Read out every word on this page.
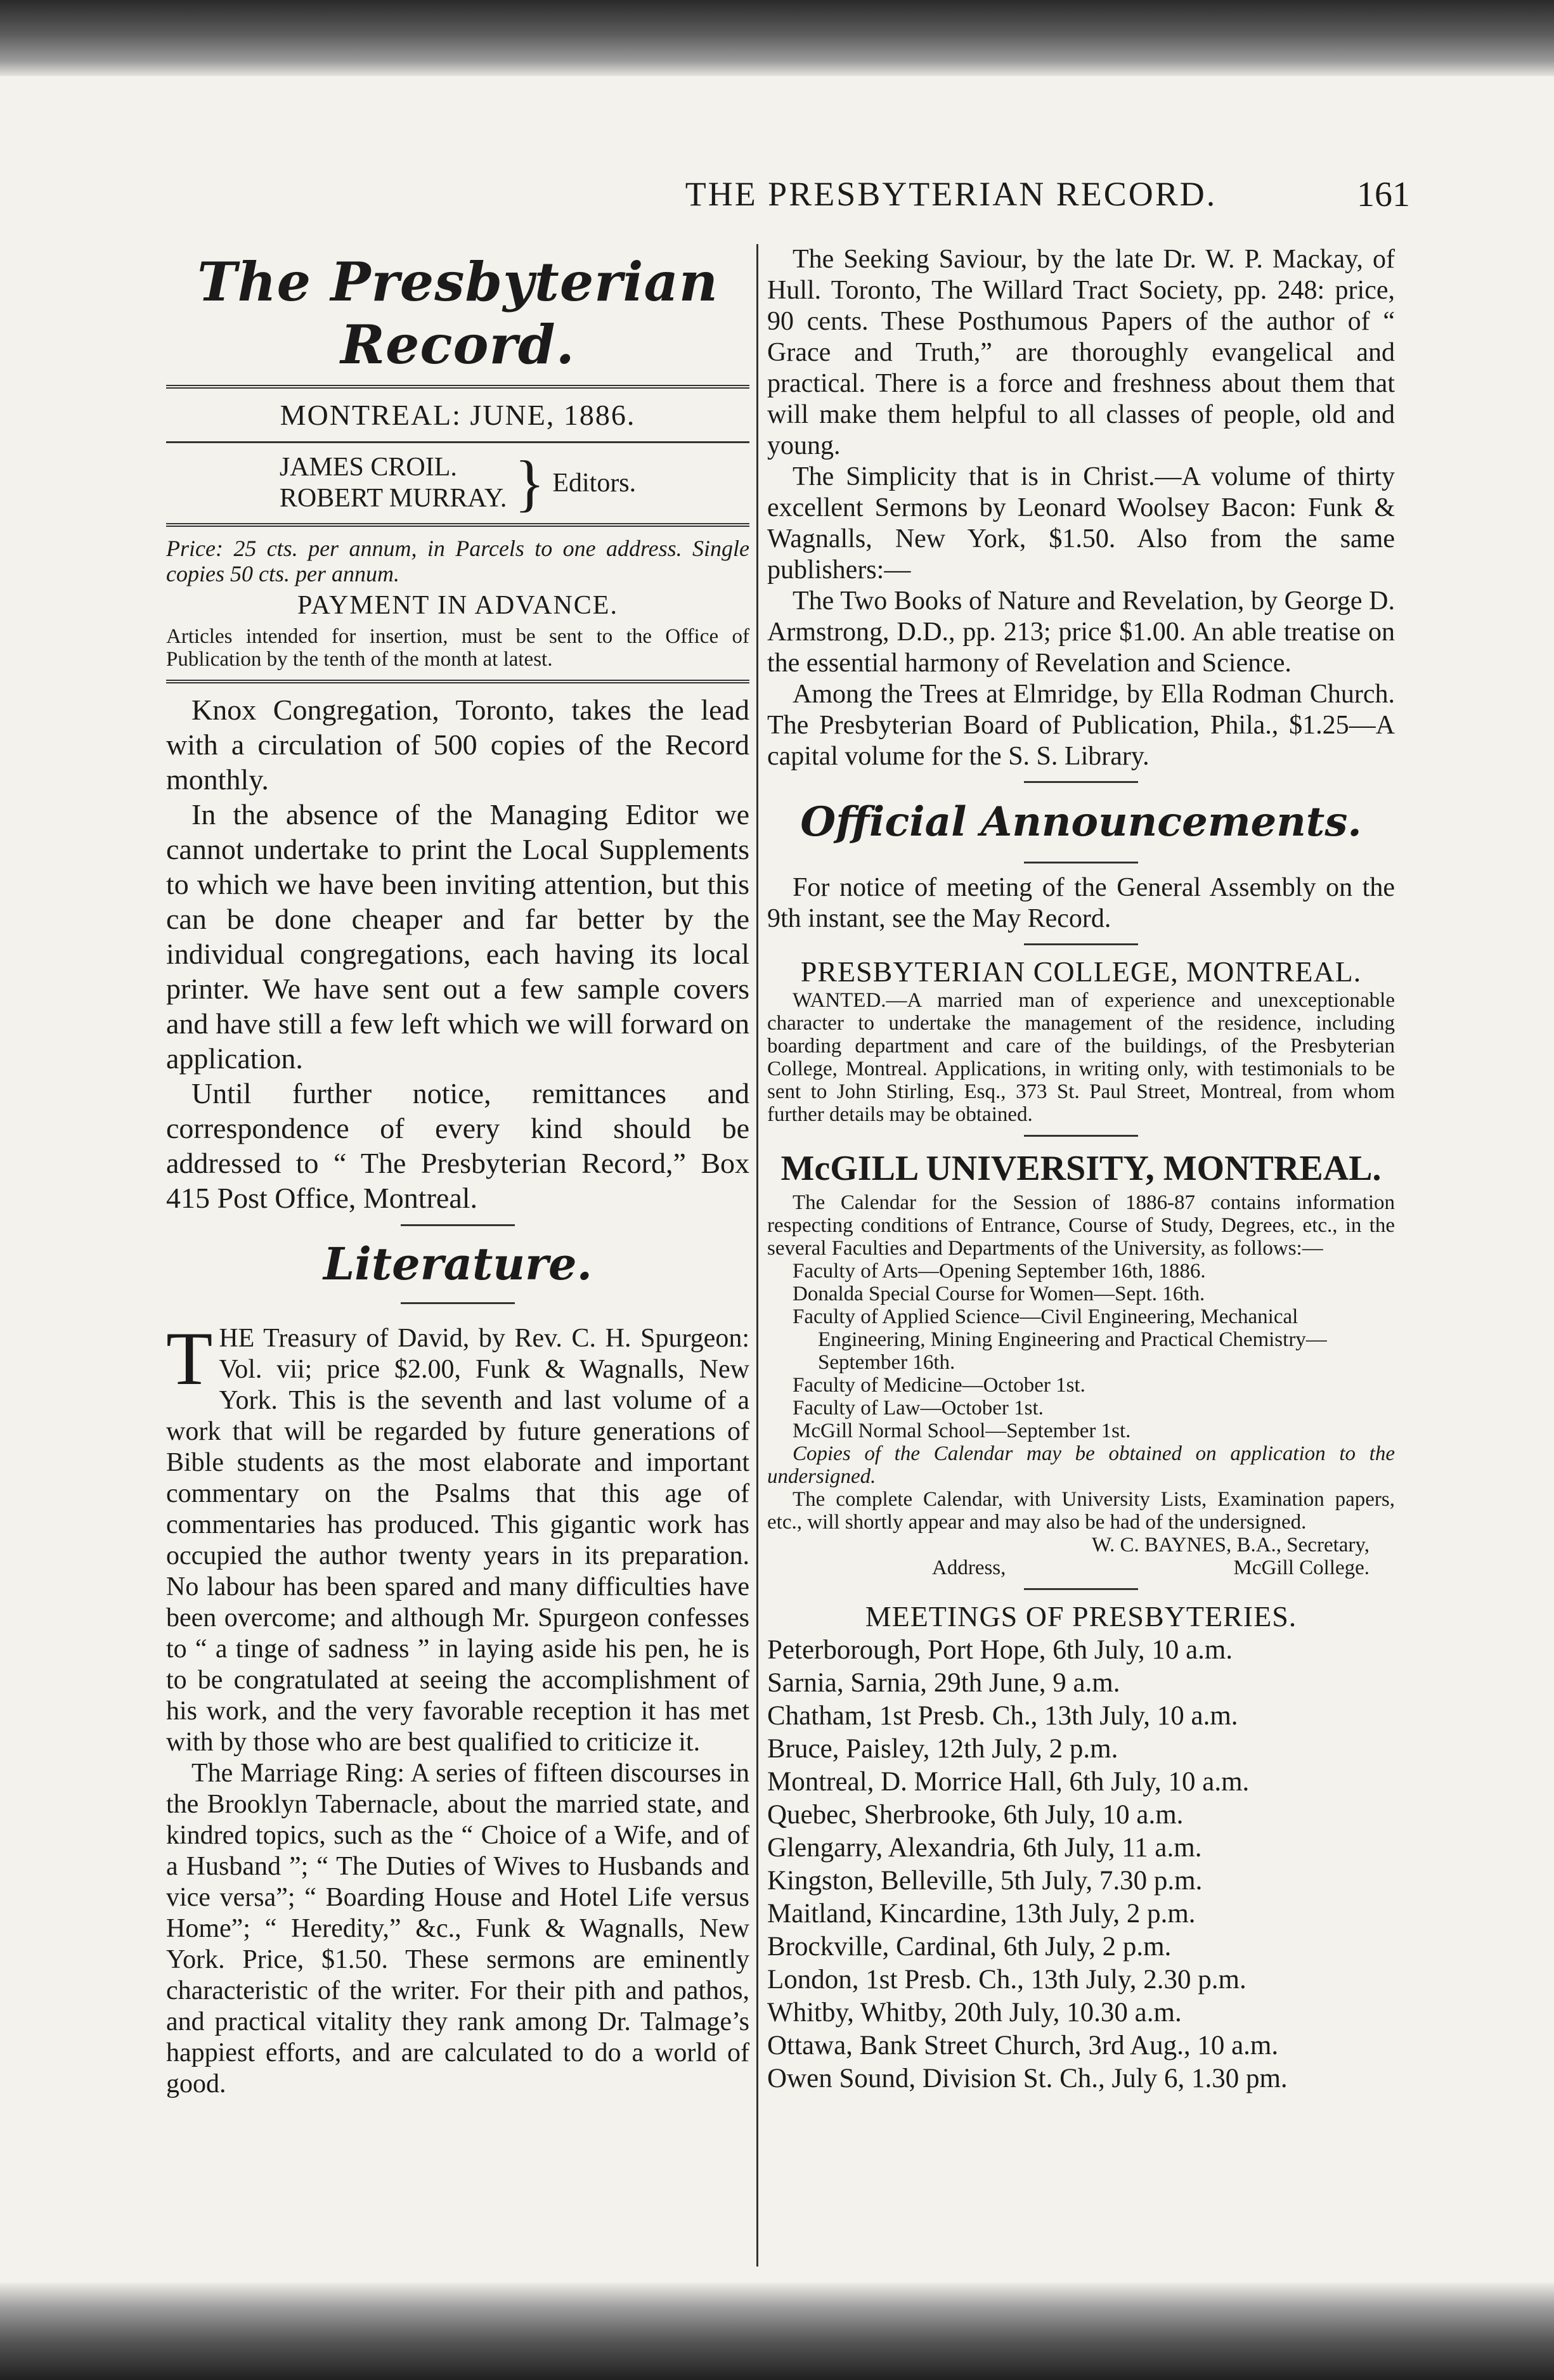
THE PRESBYTERIAN RECORD.	161
The Presbyterian Record.

MONTREAL: JUNE, 1886.

JAMES CROIL.

ROBERT MURRAY. } Editors.

Price: 25 cts. per annum, in Parcels to one address. Single copies 50 cts. per annum.

PAYMENT IN ADVANCE.

Articles intended for insertion, must be sent to the Office of Publication by the tenth of the month at latest.

Knox Congregation, Toronto, takes the lead with a circulation of 500 copies of the Record monthly.

In the absence of the Managing Editor we cannot undertake to print the Local Supplements to which we have been inviting attention, but this can be done cheaper and far better by the individual congregations, each having its local printer. We have sent out a few sample covers and have still a few left which we will forward on application.

Until further notice, remittances and correspondence of every kind should be addressed to “ The Presbyterian Record,” Box 415 Post Office, Montreal.

Literature.

T HE Treasury of David, by Rev. C. H. Spurgeon: Vol. vii; price $2.00, Funk & Wagnalls, New York. This is the seventh and last volume of a work that will be regarded by future generations of Bible students as the most elaborate and important commentary on the Psalms that this age of commentaries has produced. This gigantic work has occupied the author twenty years in its preparation. No labour has been spared and many difficulties have been overcome; and although Mr. Spurgeon confesses to “ a tinge of sadness ” in laying aside his pen, he is to be congratulated at seeing the accomplishment of his work, and the very favorable reception it has met with by those who are best qualified to criticize it.

The Marriage Ring: A series of fifteen discourses in the Brooklyn Tabernacle, about the married state, and kindred topics, such as the “ Choice of a Wife, and of a Husband ”; “ The Duties of Wives to Husbands and vice versa”; “ Boarding House and Hotel Life versus Home”; “ Heredity,” &c., Funk & Wagnalls, New York. Price, $1.50. These sermons are eminently characteristic of the writer. For their pith and pathos, and practical vitality they rank among Dr. Talmage’s happiest efforts, and are calculated to do a world of good.

The Seeking Saviour, by the late Dr. W. P. Mackay, of Hull. Toronto, The Willard Tract Society, pp. 248: price, 90 cents. These Posthumous Papers of the author of “ Grace and Truth,” are thoroughly evangelical and practical. There is a force and freshness about them that will make them helpful to all classes of people, old and young.

The Simplicity that is in Christ.—A volume of thirty excellent Sermons by Leonard Woolsey Bacon: Funk & Wagnalls, New York, $1.50. Also from the same publishers:—

The Two Books of Nature and Revelation, by George D. Armstrong, D.D., pp. 213; price $1.00. An able treatise on the essential harmony of Revelation and Science.

Among the Trees at Elmridge, by Ella Rodman Church. The Presbyterian Board of Publication, Phila., $1.25—A capital volume for the S. S. Library.

Official Announcements.

For notice of meeting of the General Assembly on the 9th instant, see the May Record.

PRESBYTERIAN COLLEGE, MONTREAL.

WANTED.—A married man of experience and unexceptionable character to undertake the management of the residence, including boarding department and care of the buildings, of the Presbyterian College, Montreal. Applications, in writing only, with testimonials to be sent to John Stirling, Esq., 373 St. Paul Street, Montreal, from whom further details may be obtained.

McGILL UNIVERSITY, MONTREAL.

The Calendar for the Session of 1886-87 contains information respecting conditions of Entrance, Course of Study, Degrees, etc., in the several Faculties and Departments of the University, as follows:—

Faculty of Arts—Opening September 16th, 1886.

Donalda Special Course for Women—Sept. 16th.

Faculty of Applied Science—Civil Engineering, Mechanical Engineering, Mining Engineering and Practical Chemistry—September 16th.

Faculty of Medicine—October 1st.

Faculty of Law—October 1st.

McGill Normal School—September 1st.

Copies of the Calendar may be obtained on application to the undersigned.

The complete Calendar, with University Lists, Examination papers, etc., will shortly appear and may also be had of the undersigned.

W. C. BAYNES, B.A., Secretary,

Address,	McGill College.

MEETINGS OF PRESBYTERIES.

Peterborough, Port Hope, 6th July, 10 a.m.

Sarnia, Sarnia, 29th June, 9 a.m.

Chatham, 1st Presb. Ch., 13th July, 10 a.m.

Bruce, Paisley, 12th July, 2 p.m.

Montreal, D. Morrice Hall, 6th July, 10 a.m.

Quebec, Sherbrooke, 6th July, 10 a.m.

Glengarry, Alexandria, 6th July, 11 a.m.

Kingston, Belleville, 5th July, 7.30 p.m.

Maitland, Kincardine, 13th July, 2 p.m.

Brockville, Cardinal, 6th July, 2 p.m.

London, 1st Presb. Ch., 13th July, 2.30 p.m.

Whitby, Whitby, 20th July, 10.30 a.m.

Ottawa, Bank Street Church, 3rd Aug., 10 a.m.

Owen Sound, Division St. Ch., July 6, 1.30 pm.
